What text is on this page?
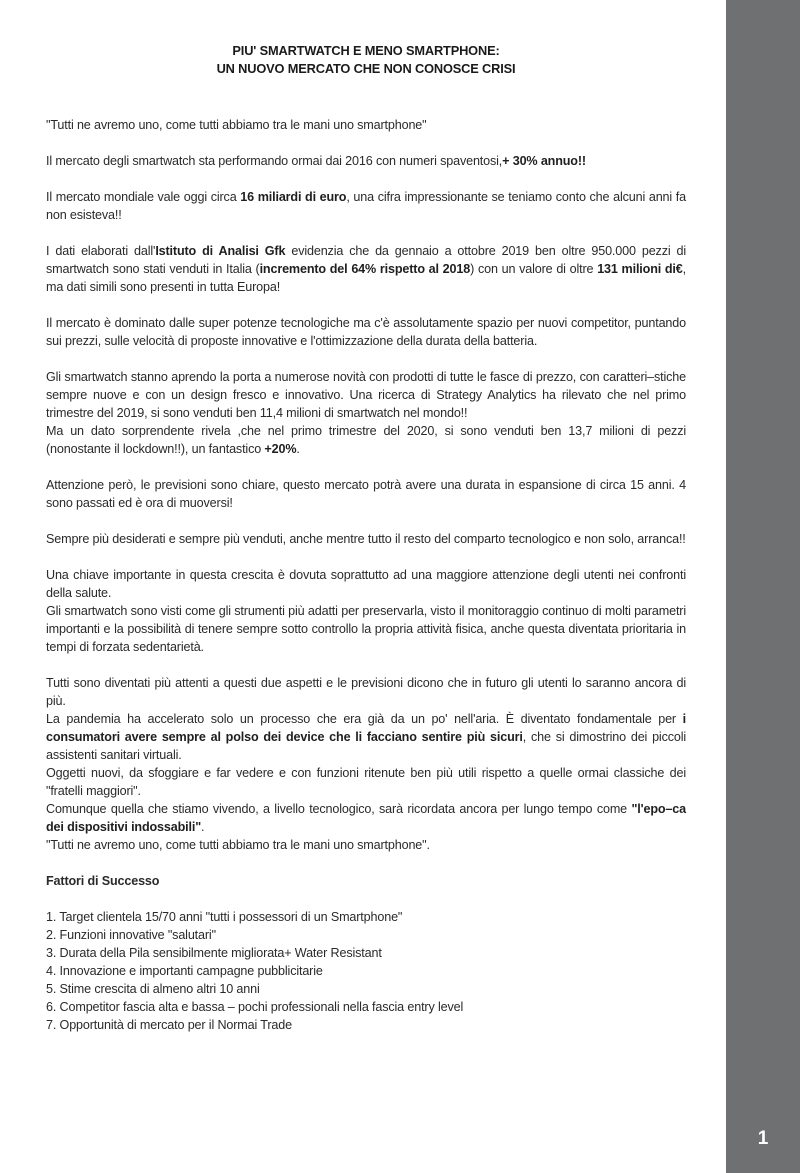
1
PIU' SMARTWATCH E MENO SMARTPHONE:
UN NUOVO MERCATO CHE NON CONOSCE CRISI

"Tutti ne avremo uno, come tutti abbiamo tra le mani uno smartphone"

Il mercato degli smartwatch sta performando ormai dai 2016 con numeri spaventosi,+ 30% annuo!!

Il mercato mondiale vale oggi circa 16 miliardi di euro, una cifra impressionante se teniamo conto che alcuni anni fa non esisteva!!

I dati elaborati dall'Istituto di Analisi Gfk evidenzia che da gennaio a ottobre 2019 ben oltre 950.000 pezzi di smartwatch sono stati venduti in Italia (incremento del 64% rispetto al 2018) con un valore di oltre 131 milioni di€, ma dati simili sono presenti in tutta Europa!

Il mercato è dominato dalle super potenze tecnologiche ma c'è assolutamente spazio per nuovi competitor, puntando sui prezzi, sulle velocità di proposte innovative e l'ottimizzazione della durata della batteria.

Gli smartwatch stanno aprendo la porta a numerose novità con prodotti di tutte le fasce di prezzo, con caratteri–stiche sempre nuove e con un design fresco e innovativo. Una ricerca di Strategy Analytics ha rilevato che nel primo trimestre del 2019, si sono venduti ben 11,4 milioni di smartwatch nel mondo!!

Ma un dato sorprendente rivela ,che nel primo trimestre del 2020, si sono venduti ben 13,7 milioni di pezzi (nonostante il lockdown!!), un fantastico +20%.

Attenzione però, le previsioni sono chiare, questo mercato potrà avere una durata in espansione di circa 15 anni. 4 sono passati ed è ora di muoversi!

Sempre più desiderati e sempre più venduti, anche mentre tutto il resto del comparto tecnologico e non solo, arranca!!

Una chiave importante in questa crescita è dovuta soprattutto ad una maggiore attenzione degli utenti nei confronti della salute.

Gli smartwatch sono visti come gli strumenti più adatti per preservarla, visto il monitoraggio continuo di molti parametri importanti e la possibilità di tenere sempre sotto controllo la propria attività fisica, anche questa diventata prioritaria in tempi di forzata sedentarietà.

Tutti sono diventati più attenti a questi due aspetti e le previsioni dicono che in futuro gli utenti lo saranno ancora di più.

La pandemia ha accelerato solo un processo che era già da un po' nell'aria. È diventato fondamentale per i consumatori avere sempre al polso dei device che li facciano sentire più sicuri, che si dimostrino dei piccoli assistenti sanitari virtuali.

Oggetti nuovi, da sfoggiare e far vedere e con funzioni ritenute ben più utili rispetto a quelle ormai classiche dei "fratelli maggiori".

Comunque quella che stiamo vivendo, a livello tecnologico, sarà ricordata ancora per lungo tempo come "l'epo–ca dei dispositivi indossabili".

"Tutti ne avremo uno, come tutti abbiamo tra le mani uno smartphone".

Fattori di Successo
1. Target clientela 15/70 anni "tutti i possessori di un Smartphone"
2. Funzioni innovative "salutari"
3. Durata della Pila sensibilmente migliorata+ Water Resistant
4. Innovazione e importanti campagne pubblicitarie
5. Stime crescita di almeno altri 10 anni
6. Competitor fascia alta e bassa – pochi professionali nella fascia entry level
7. Opportunità di mercato per il Normai Trade
